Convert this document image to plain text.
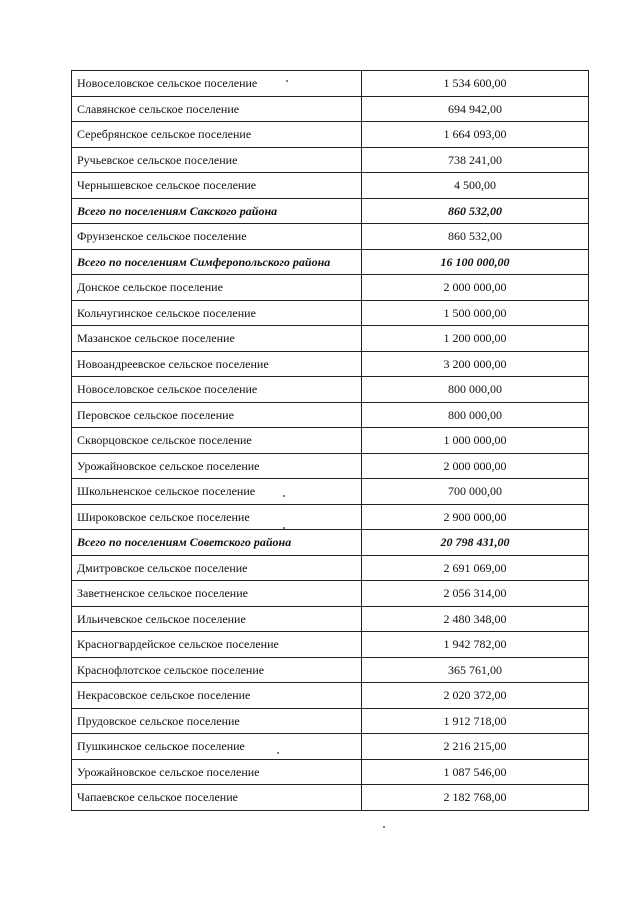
Новоселовское сельское поселение	1 534 600,00
Славянское сельское поселение	694 942,00
Серебрянское сельское поселение	1 664 093,00
Ручьевское сельское поселение	738 241,00
Чернышевское сельское поселение	4 500,00
Всего по поселениям Сакского района	860 532,00
Фрунзенское сельское поселение	860 532,00
Всего по поселениям Симферопольского района	16 100 000,00
Донское сельское поселение	2 000 000,00
Кольчугинское сельское поселение	1 500 000,00
Мазанское сельское поселение	1 200 000,00
Новоандреевское сельское поселение	3 200 000,00
Новоселовское сельское поселение	800 000,00
Перовское сельское поселение	800 000,00
Скворцовское сельское поселение	1 000 000,00
Урожайновское сельское поселение	2 000 000,00
Школьненское сельское поселение	700 000,00
Широковское сельское поселение	2 900 000,00
Всего по поселениям Советского района	20 798 431,00
Дмитровское сельское поселение	2 691 069,00
Заветненское сельское поселение	2 056 314,00
Ильичевское сельское поселение	2 480 348,00
Красногвардейское сельское поселение	1 942 782,00
Краснофлотское сельское поселение	365 761,00
Некрасовское сельское поселение	2 020 372,00
Прудовское сельское поселение	1 912 718,00
Пушкинское сельское поселение	2 216 215,00
Урожайновское сельское поселение	1 087 546,00
Чапаевское сельское поселение	2 182 768,00
